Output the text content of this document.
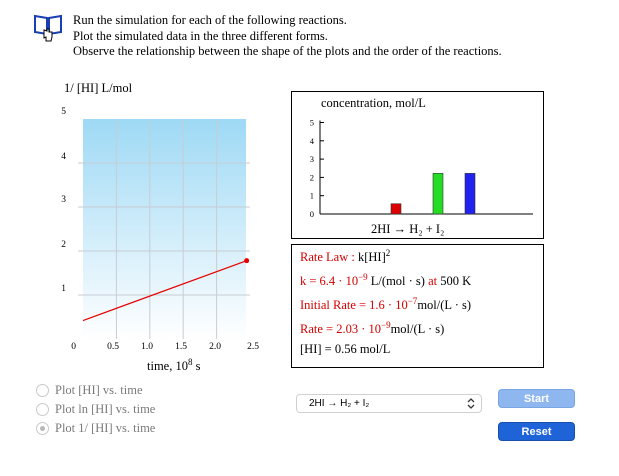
Run the simulation for each of the following reactions.
Plot the simulated data in the three different forms.
Observe the relationship between the shape of the plots and the order of the reactions.
1/ [HI] L/mol
5
4
3
2
1
0	0.5	1.0	1.5	2.0	2.5
time, $10^8$ s
concentration, mol/L
5
4
3
2
1
0
2HI → H₂ + I₂
Rate Law : k[HI]$^2$
$k = 6.4 \cdot 10^{-9}$ L/(mol · s) at 500 K
Initial Rate = $1.6 \cdot 10^{-7}mol/(L \cdot s)$
Rate = $2.03 \cdot 10^{-9}mol/(L \cdot s)$
[HI] = 0.56 mol/L
Plot [HI] vs. time
Plot ln [HI] vs. time
Plot 1/ [HI] vs. time
2HI → H₂ + I₂	Start
Reset
